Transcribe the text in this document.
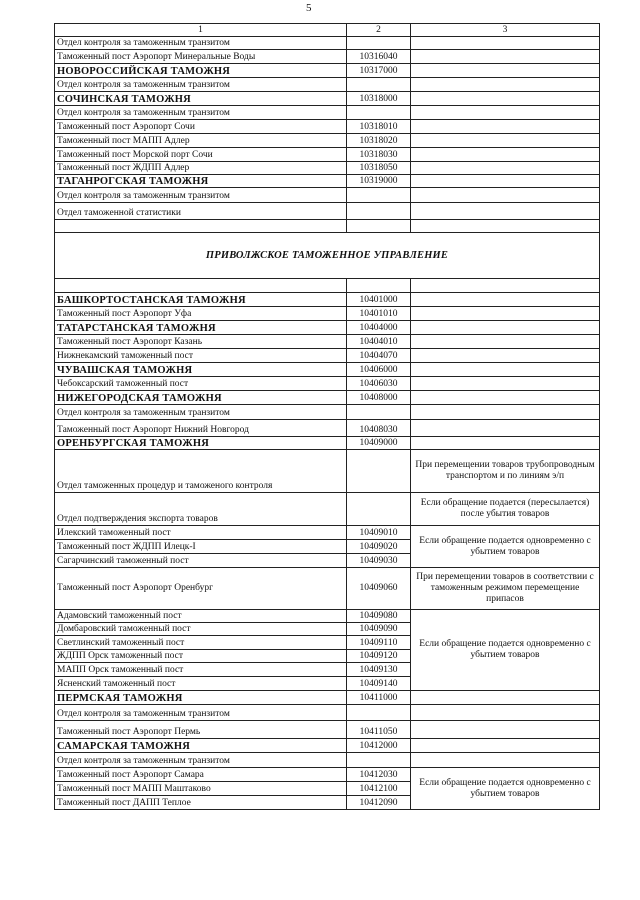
5
1	2	3
Отдел контроля за таможенным транзитом		
Таможенный пост Аэропорт Минеральные Воды	10316040	
НОВОРОССИЙСКАЯ ТАМОЖНЯ	10317000	
Отдел контроля за таможенным транзитом		
СОЧИНСКАЯ ТАМОЖНЯ	10318000	
Отдел контроля за таможенным транзитом		
Таможенный пост Аэропорт Сочи	10318010	
Таможенный пост МАПП Адлер	10318020	
Таможенный пост Морской порт Сочи	10318030	
Таможенный пост ЖДПП Адлер	10318050	
ТАГАНРОГСКАЯ ТАМОЖНЯ	10319000	
Отдел контроля за таможенным транзитом		
Отдел таможенной статистики		

ПРИВОЛЖСКОЕ ТАМОЖЕННОЕ УПРАВЛЕНИЕ		

БАШКОРТОСТАНСКАЯ ТАМОЖНЯ	10401000	
Таможенный пост Аэропорт Уфа	10401010	
ТАТАРСТАНСКАЯ ТАМОЖНЯ	10404000	
Таможенный пост Аэропорт Казань	10404010	
Нижнекамский таможенный пост	10404070	
ЧУВАШСКАЯ ТАМОЖНЯ	10406000	
Чебоксарский таможенный пост	10406030	
НИЖЕГОРОДСКАЯ ТАМОЖНЯ	10408000	
Отдел контроля за таможенным транзитом		
Таможенный пост Аэропорт Нижний Новгород	10408030	
ОРЕНБУРГСКАЯ ТАМОЖНЯ	10409000	
Отдел таможенных процедур и таможеного контроля		При перемещении товаров трубопроводным транспортом и по линиям э/п
Отдел подтверждения экспорта товаров		Если обращение подается (пересылается) после убытия товаров
Илекский таможенный пост	10409010	Если обращение подается одновременно с убытием товаров
Таможенный пост ЖДПП Илецк-I	10409020	
Сагарчинский таможенный пост	10409030	
Таможенный пост Аэропорт Оренбург	10409060	При перемещении товаров в соответствии с таможенным режимом перемещение припасов
Адамовский таможенный пост	10409080	Если обращение подается одновременно с убытием товаров
Домбаровский таможенный пост	10409090	
Светлинский таможенный пост	10409110	
ЖДПП Орск таможенный пост	10409120	
МАПП Орск таможенный пост	10409130	
Ясненский таможенный пост	10409140	
ПЕРМСКАЯ ТАМОЖНЯ	10411000	
Отдел контроля за таможенным транзитом		
Таможенный пост Аэропорт Пермь	10411050	
САМАРСКАЯ ТАМОЖНЯ	10412000	
Отдел контроля за таможенным транзитом		
Таможенный пост Аэропорт Самара	10412030	Если обращение подается одновременно с убытием товаров
Таможенный пост МАПП Маштаково	10412100	
Таможенный пост ДАПП Теплое	10412090	
